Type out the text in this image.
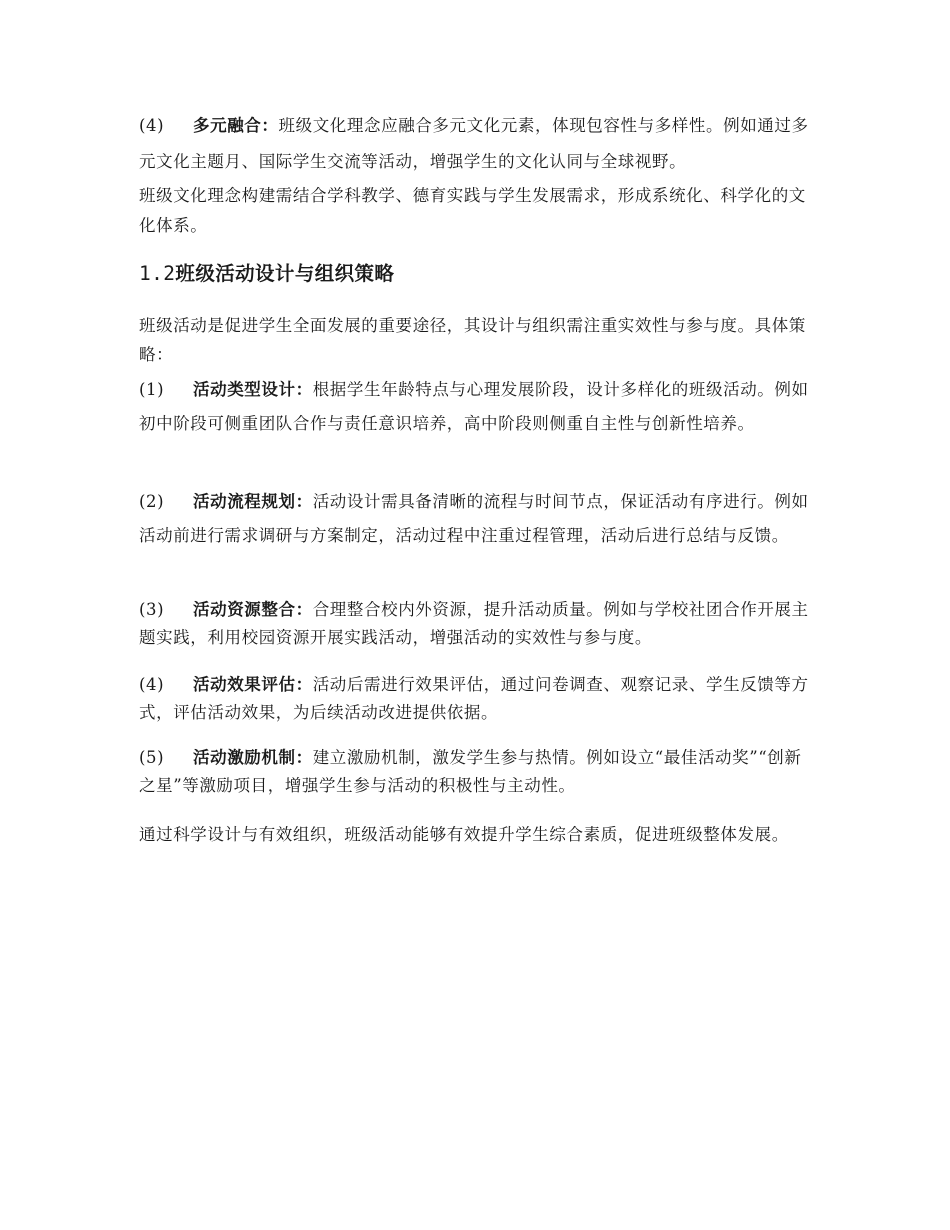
(4) 多元融合：班级文化理念应融合多元文化元素，体现包容性与多样性。例如通过多元文化主题月、国际学生交流等活动，增强学生的文化认同与全球视野。

班级文化理念构建需结合学科教学、德育实践与学生发展需求，形成系统化、科学化的文化体系。

1.2班级活动设计与组织策略

班级活动是促进学生全面发展的重要途径，其设计与组织需注重实效性与参与度。具体策略：

(1) 活动类型设计：根据学生年龄特点与心理发展阶段，设计多样化的班级活动。例如初中阶段可侧重团队合作与责任意识培养，高中阶段则侧重自主性与创新性培养。

(2) 活动流程规划：活动设计需具备清晰的流程与时间节点，保证活动有序进行。例如活动前进行需求调研与方案制定，活动过程中注重过程管理，活动后进行总结与反馈。

(3) 活动资源整合：合理整合校内外资源，提升活动质量。例如与学校社团合作开展主题实践，利用校园资源开展实践活动，增强活动的实效性与参与度。

(4) 活动效果评估：活动后需进行效果评估，通过问卷调查、观察记录、学生反馈等方式，评估活动效果，为后续活动改进提供依据。

(5) 活动激励机制：建立激励机制，激发学生参与热情。例如设立“最佳活动奖”“创新之星”等激励项目，增强学生参与活动的积极性与主动性。

通过科学设计与有效组织，班级活动能够有效提升学生综合素质，促进班级整体发展。
